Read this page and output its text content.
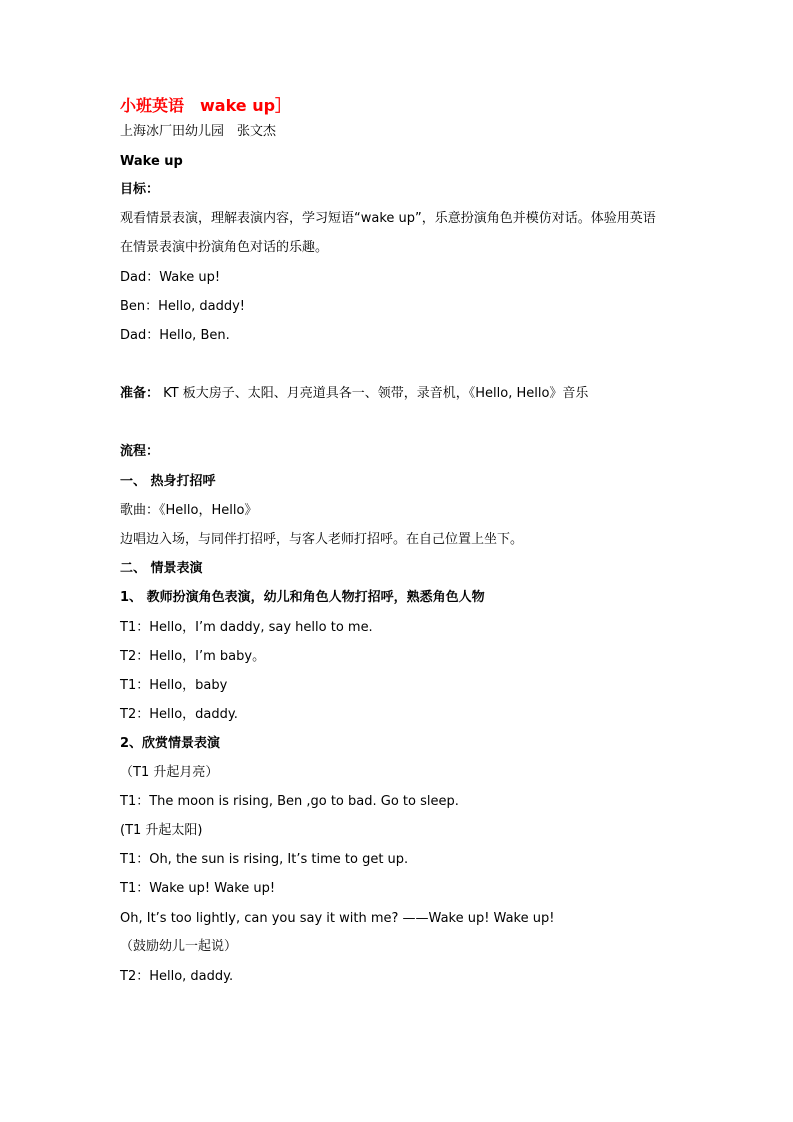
小班英语　wake up］

上海冰厂田幼儿园　张文杰

Wake up

目标：

观看情景表演，理解表演内容，学习短语“wake up”，乐意扮演角色并模仿对话。体验用英语

在情景表演中扮演角色对话的乐趣。

Dad：Wake up!

Ben：Hello, daddy!

Dad：Hello, Ben.

准备： KT 板大房子、太阳、月亮道具各一、领带，录音机，《Hello, Hello》音乐

流程：

一、 热身打招呼

歌曲：《Hello，Hello》

边唱边入场，与同伴打招呼，与客人老师打招呼。在自己位置上坐下。

二、 情景表演

1、 教师扮演角色表演，幼儿和角色人物打招呼，熟悉角色人物

T1：Hello，I’m daddy, say hello to me.

T2：Hello，I’m baby。

T1：Hello，baby

T2：Hello，daddy.

2、欣赏情景表演

（T1 升起月亮）

T1：The moon is rising, Ben ,go to bad. Go to sleep.

(T1 升起太阳)

T1：Oh, the sun is rising, It’s time to get up.

T1：Wake up! Wake up!

Oh, It’s too lightly, can you say it with me? ——Wake up! Wake up!

（鼓励幼儿一起说）

T2：Hello, daddy.
